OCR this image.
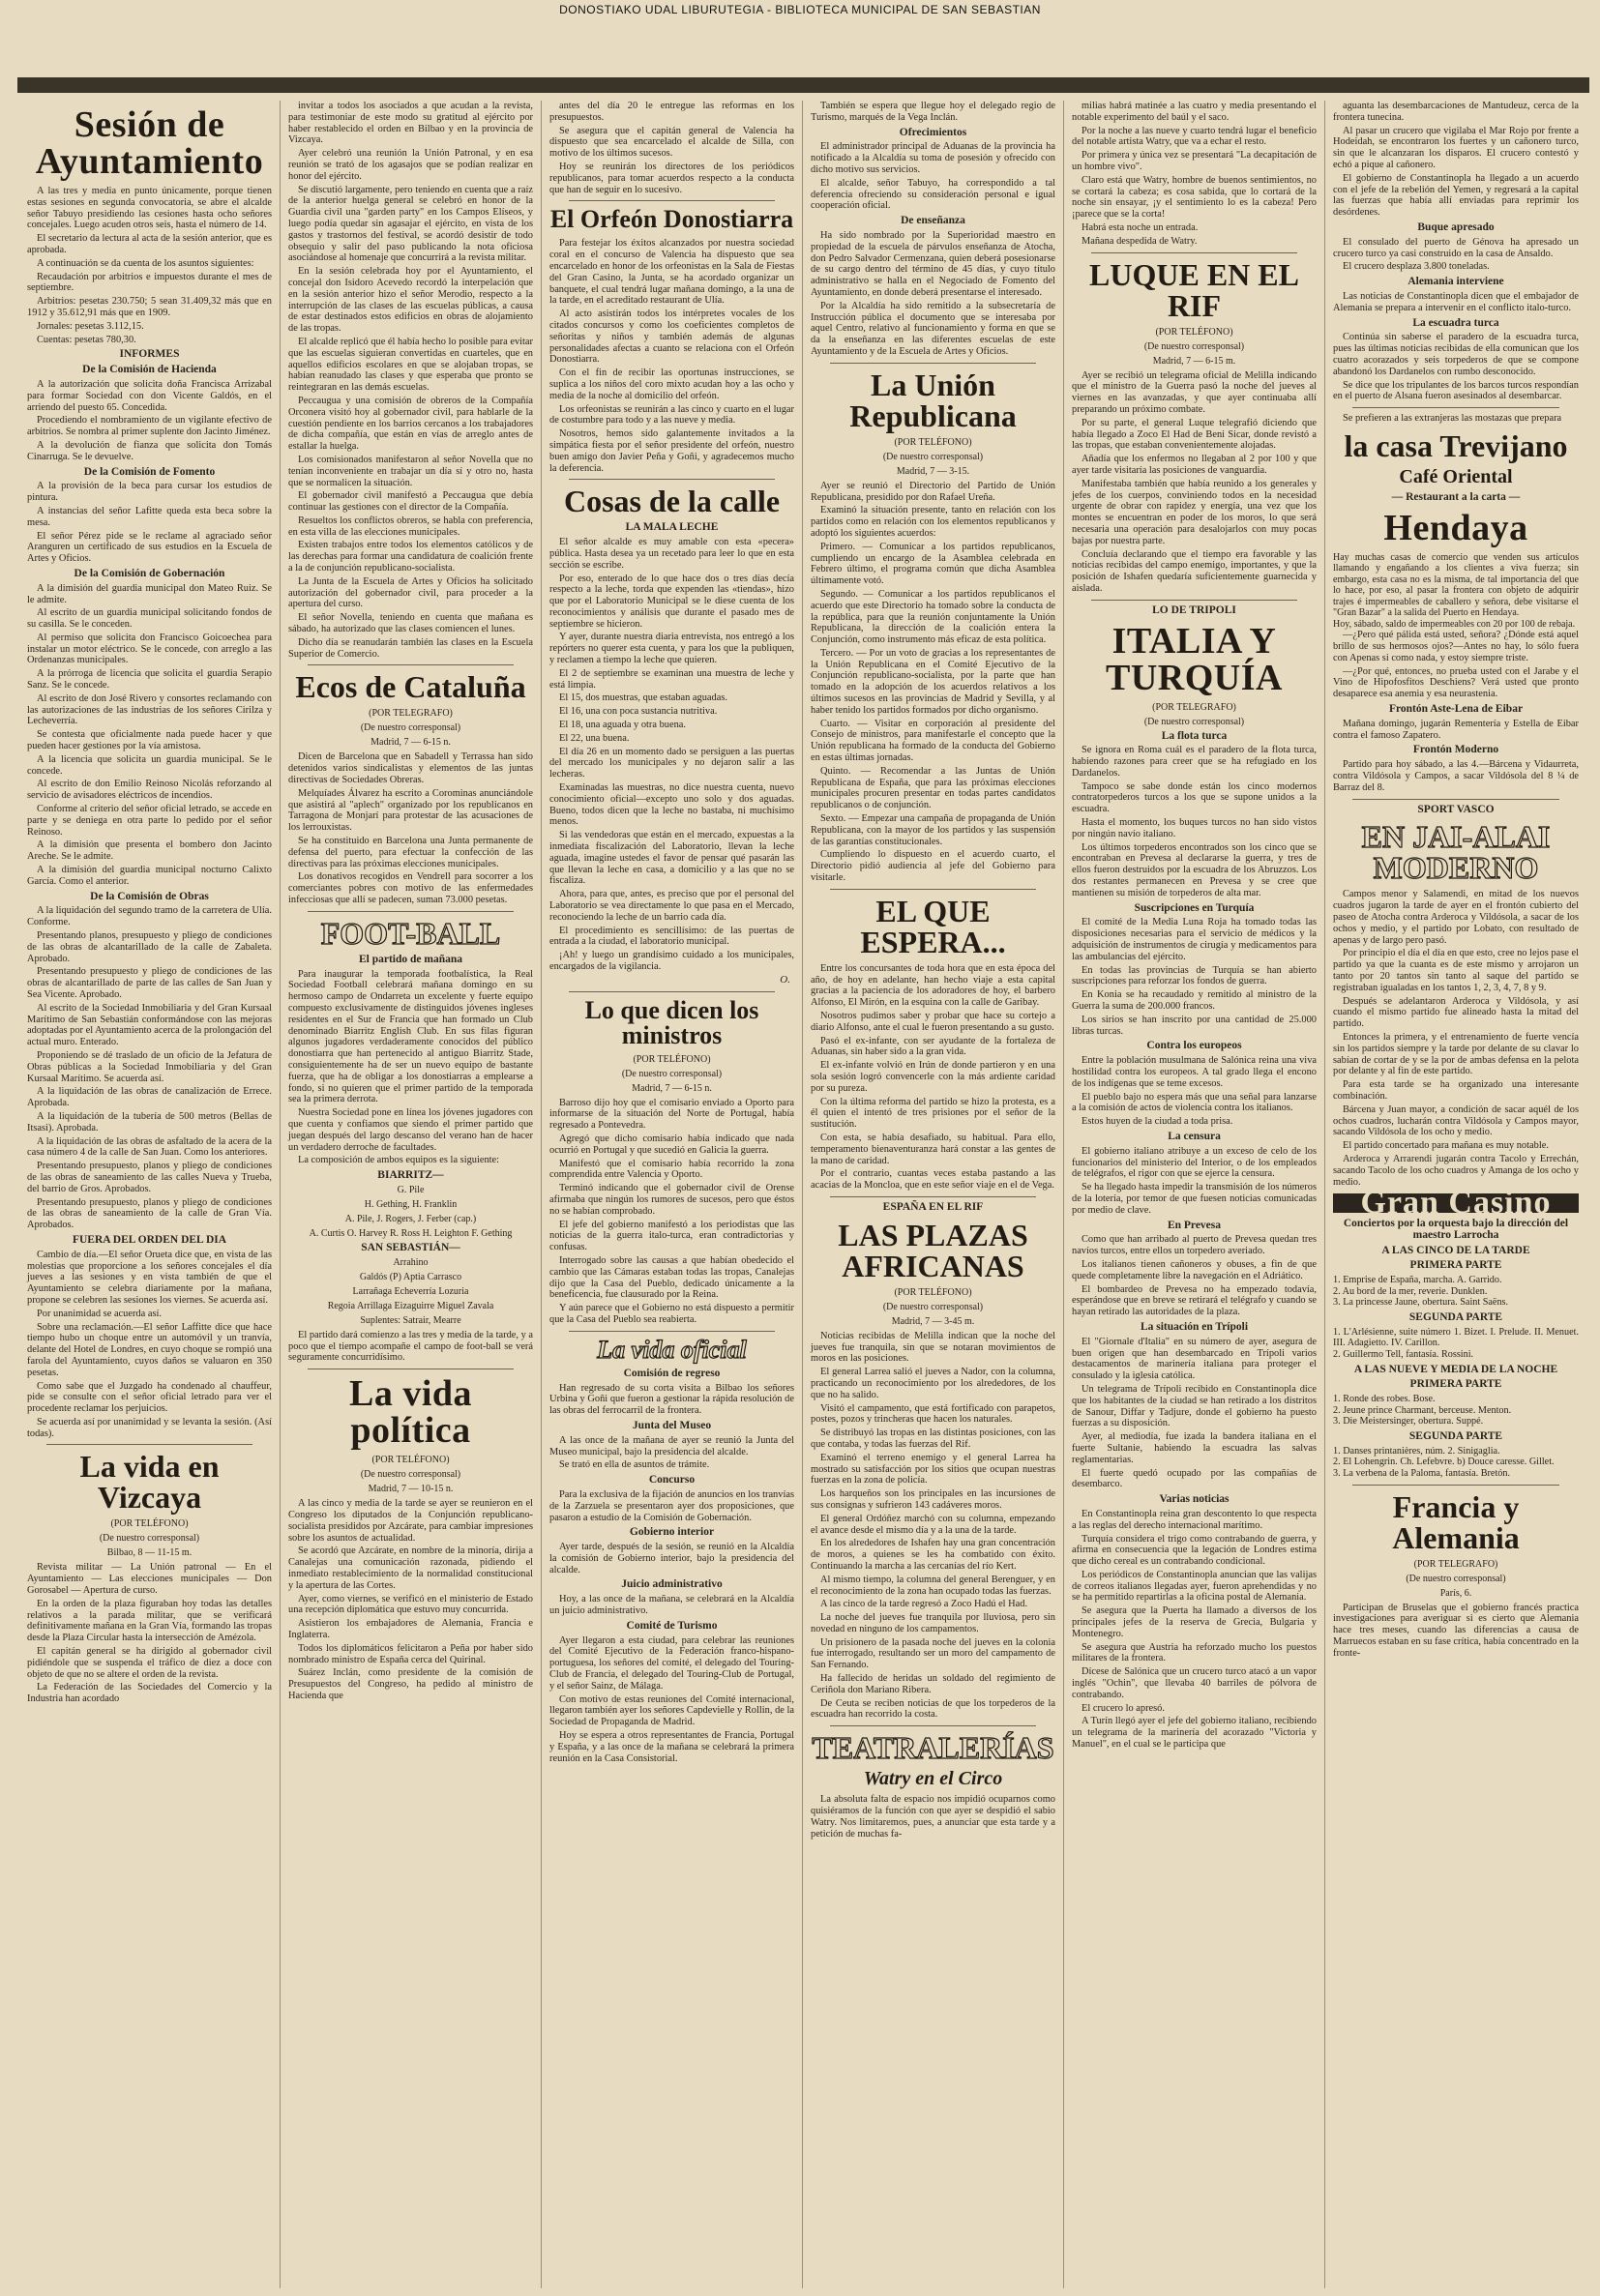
DONOSTIAKO UDAL LIBURUTEGIA - BIBLIOTECA MUNICIPAL DE SAN SEBASTIAN
Sesión de Ayuntamiento

A las tres y media en punto únicamente, porque tienen estas sesiones en segunda convocatoria, se abre el alcalde señor Tabuyo presidiendo las cesiones hasta ocho señores concejales. Luego acuden otros seis, hasta el número de 14.

El secretario da lectura al acta de la sesión anterior, que es aprobada.

A continuación se da cuenta de los asuntos siguientes:

Recaudación por arbitrios e impuestos durante el mes de septiembre.

Arbitrios: pesetas 230.750; 5 sean 31.409,32 más que en 1912 y 35.612,91 más que en 1909.

Jornales: pesetas 3.112,15.

Cuentas: pesetas 780,30.

INFORMES
De la Comisión de Hacienda

A la autorización que solicita doña Francisca Arrizabal para formar Sociedad con don Vicente Galdós, en el arriendo del puesto 65. Concedida.

Procediendo el nombramiento de un vigilante efectivo de arbitrios. Se nombra al primer suplente don Jacinto Jiménez.

A la devolución de fianza que solicita don Tomás Cinarruga. Se le devuelve.

De la Comisión de Fomento

A la provisión de la beca para cursar los estudios de pintura.

A instancias del señor Lafitte queda esta beca sobre la mesa.

El señor Pérez pide se le reclame al agraciado señor Aranguren un certificado de sus estudios en la Escuela de Artes y Oficios.

De la Comisión de Gobernación

A la dimisión del guardia municipal don Mateo Ruiz. Se le admite.

Al escrito de un guardia municipal solicitando fondos de su casilla. Se le conceden.

Al permiso que solicita don Francisco Goicoechea para instalar un motor eléctrico. Se le concede, con arreglo a las Ordenanzas municipales.

A la prórroga de licencia que solicita el guardia Serapio Sanz. Se le concede.

Al escrito de don José Rivero y consortes reclamando con las autorizaciones de las industrias de los señores Cirilza y Lecheverría.

Se contesta que oficialmente nada puede hacer y que pueden hacer gestiones por la vía amistosa.

A la licencia que solicita un guardia municipal. Se le concede.

Al escrito de don Emilio Reinoso Nicolás reforzando al servicio de avisadores eléctricos de incendios.

Conforme al criterio del señor oficial letrado, se accede en parte y se deniega en otra parte lo pedido por el señor Reinoso.

A la dimisión que presenta el bombero don Jacinto Areche. Se le admite.

A la dimisión del guardia municipal nocturno Calixto García. Como el anterior.

De la Comisión de Obras

A la liquidación del segundo tramo de la carretera de Ulía. Conforme.

Presentando planos, presupuesto y pliego de condiciones de las obras de alcantarillado de la calle de Zabaleta. Aprobado.

Presentando presupuesto y pliego de condiciones de las obras de alcantarillado de parte de las calles de San Juan y Sea Vicente. Aprobado.

Al escrito de la Sociedad Inmobiliaria y del Gran Kursaal Marítimo de San Sebastián conformándose con las mejoras adoptadas por el Ayuntamiento acerca de la prolongación del actual muro. Enterado.

Proponiendo se dé traslado de un oficio de la Jefatura de Obras públicas a la Sociedad Inmobiliaria y del Gran Kursaal Marítimo. Se acuerda así.

A la liquidación de las obras de canalización de Errece. Aprobada.

A la liquidación de la tubería de 500 metros (Bellas de Itsasi). Aprobada.

A la liquidación de las obras de asfaltado de la acera de la casa número 4 de la calle de San Juan. Como los anteriores.

Presentando presupuesto, planos y pliego de condiciones de las obras de saneamiento de las calles Nueva y Trueba, del barrio de Gros. Aprobados.

Presentando presupuesto, planos y pliego de condiciones de las obras de saneamiento de la calle de Gran Vía. Aprobados.

FUERA DEL ORDEN DEL DIA

Cambio de día.—El señor Orueta dice que, en vista de las molestias que proporcione a los señores concejales el día jueves a las sesiones y en vista también de que el Ayuntamiento se celebra diariamente por la mañana, propone se celebren las sesiones los viernes. Se acuerda así.

Por unanimidad se acuerda así.

Sobre una reclamación.—El señor Laffitte dice que hace tiempo hubo un choque entre un automóvil y un tranvía, delante del Hotel de Londres, en cuyo choque se rompió una farola del Ayuntamiento, cuyos daños se valuaron en 350 pesetas.

Como sabe que el Juzgado ha condenado al chauffeur, pide se consulte con el señor oficial letrado para ver el procedente reclamar los perjuicios.

Se acuerda así por unanimidad y se levanta la sesión. (Así todas).

La vida en Vizcaya
(POR TELÉFONO)
(De nuestro corresponsal)
Bilbao, 8 — 11-15 m.

Revista militar — La Unión patronal — En el Ayuntamiento — Las elecciones municipales — Don Gorosabel — Apertura de curso.

En la orden de la plaza figuraban hoy todas las detalles relativos a la parada militar, que se verificará definitivamente mañana en la Gran Vía, formando las tropas desde la Plaza Circular hasta la intersección de Amézola.

El capitán general se ha dirigido al gobernador civil pidiéndole que se suspenda el tráfico de diez a doce con objeto de que no se altere el orden de la revista.

La Federación de las Sociedades del Comercio y la Industria han acordado

invitar a todos los asociados a que acudan a la revista, para testimoniar de este modo su gratitud al ejército por haber restablecido el orden en Bilbao y en la provincia de Vizcaya.

Ayer celebró una reunión la Unión Patronal, y en esa reunión se trató de los agasajos que se podían realizar en honor del ejército.

Se discutió largamente, pero teniendo en cuenta que a raíz de la anterior huelga general se celebró en honor de la Guardia civil una "garden party" en los Campos Elíseos, y luego podía quedar sin agasajar el ejército, en vista de los gastos y trastornos del festival, se acordó desistir de todo obsequio y salir del paso publicando la nota oficiosa asociándose al homenaje que concurrirá a la revista militar.

En la sesión celebrada hoy por el Ayuntamiento, el concejal don Isidoro Acevedo recordó la interpelación que en la sesión anterior hizo el señor Merodio, respecto a la interrupción de las clases de las escuelas públicas, a causa de estar destinados estos edificios en obras de alojamiento de las tropas.

El alcalde replicó que él había hecho lo posible para evitar que las escuelas siguieran convertidas en cuarteles, que en aquellos edificios escolares en que se alojaban tropas, se habían reanudado las clases y que esperaba que pronto se reintegraran en las demás escuelas.

Peccaugua y una comisión de obreros de la Compañía Orconera visitó hoy al gobernador civil, para hablarle de la cuestión pendiente en los barrios cercanos a los trabajadores de dicha compañía, que están en vías de arreglo antes de estallar la huelga.

Los comisionados manifestaron al señor Novella que no tenían inconveniente en trabajar un día sí y otro no, hasta que se normalicen la situación.

El gobernador civil manifestó a Peccaugua que debía continuar las gestiones con el director de la Compañía.

Resueltos los conflictos obreros, se habla con preferencia, en esta villa de las elecciones municipales.

Existen trabajos entre todos los elementos católicos y de las derechas para formar una candidatura de coalición frente a la de conjunción republicano-socialista.

La Junta de la Escuela de Artes y Oficios ha solicitado autorización del gobernador civil, para proceder a la apertura del curso.

El señor Novella, teniendo en cuenta que mañana es sábado, ha autorizado que las clases comiencen el lunes.

Dicho día se reanudarán también las clases en la Escuela Superior de Comercio.

Ecos de Cataluña
(POR TELEGRAFO)
(De nuestro corresponsal)
Madrid, 7 — 6-15 n.

Dicen de Barcelona que en Sabadell y Terrassa han sido detenidos varios sindicalistas y elementos de las juntas directivas de Sociedades Obreras.

Melquíades Álvarez ha escrito a Corominas anunciándole que asistirá al "aplech" organizado por los republicanos en Tarragona de Monjarí para protestar de las acusaciones de los lerrouxistas.

Se ha constituido en Barcelona una Junta permanente de defensa del puerto, para efectuar la confección de las directivas para las próximas elecciones municipales.

Los donativos recogidos en Vendrell para socorrer a los comerciantes pobres con motivo de las enfermedades infecciosas que allí se padecen, suman 73.000 pesetas.

FOOT-BALL
El partido de mañana

Para inaugurar la temporada footbalística, la Real Sociedad Football celebrará mañana domingo en su hermoso campo de Ondarreta un excelente y fuerte equipo compuesto exclusivamente de distinguidos jóvenes ingleses residentes en el Sur de Francia que han formado un Club denominado Biarritz English Club. En sus filas figuran algunos jugadores verdaderamente conocidos del público donostiarra que han pertenecido al antiguo Biarritz Stade, consiguientemente ha de ser un nuevo equipo de bastante fuerza, que ha de obligar a los donostiarras a emplearse a fondo, si no quieren que el primer partido de la temporada sea la primera derrota.

Nuestra Sociedad pone en línea los jóvenes jugadores con que cuenta y confiamos que siendo el primer partido que juegan después del largo descanso del verano han de hacer un verdadero derroche de facultades.

La composición de ambos equipos es la siguiente:

BIARRITZ—
G. Pile
H. Gething, H. Franklin
A. Pile, J. Rogers, J. Ferber (cap.)
A. Curtis O. Harvey R. Ross H. Leighton F. Gething
SAN SEBASTIÁN—
Arrahino
Galdós (P) Aptia Carrasco
Larrañaga Echeverría Lozuria
Regoia Arrillaga Eizaguirre Miguel Zavala
Suplentes: Satrair, Mearre

El partido dará comienzo a las tres y media de la tarde, y a poco que el tiempo acompañe el campo de foot-ball se verá seguramente concurridísimo.

La vida política
(POR TELÉFONO)
(De nuestro corresponsal)
Madrid, 7 — 10-15 n.

A las cinco y media de la tarde se ayer se reunieron en el Congreso los diputados de la Conjunción republicano-socialista presididos por Azcárate, para cambiar impresiones sobre los asuntos de actualidad.

Se acordó que Azcárate, en nombre de la minoría, dirija a Canalejas una comunicación razonada, pidiendo el inmediato restablecimiento de la normalidad constitucional y la apertura de las Cortes.

Ayer, como viernes, se verificó en el ministerio de Estado una recepción diplomática que estuvo muy concurrida.

Asistieron los embajadores de Alemania, Francia e Inglaterra.

Todos los diplomáticos felicitaron a Peña por haber sido nombrado ministro de España cerca del Quirinal.

Suárez Inclán, como presidente de la comisión de Presupuestos del Congreso, ha pedido al ministro de Hacienda que

antes del día 20 le entregue las reformas en los presupuestos.

Se asegura que el capitán general de Valencia ha dispuesto que sea encarcelado el alcalde de Silla, con motivo de los últimos sucesos.

Hoy se reunirán los directores de los periódicos republicanos, para tomar acuerdos respecto a la conducta que han de seguir en lo sucesivo.

El Orfeón Donostiarra

Para festejar los éxitos alcanzados por nuestra sociedad coral en el concurso de Valencia ha dispuesto que sea encarcelado en honor de los orfeonistas en la Sala de Fiestas del Gran Casino, la Junta, se ha acordado organizar un banquete, el cual tendrá lugar mañana domingo, a la una de la tarde, en el acreditado restaurant de Ulía.

Al acto asistirán todos los intérpretes vocales de los citados concursos y como los coeficientes completos de señoritas y niños y también además de algunas personalidades afectas a cuanto se relaciona con el Orfeón Donostiarra.

Con el fin de recibir las oportunas instrucciones, se suplica a los niños del coro mixto acudan hoy a las ocho y media de la noche al domicilio del orfeón.

Los orfeonistas se reunirán a las cinco y cuarto en el lugar de costumbre para todo y a las nueve y media.

Nosotros, hemos sido galantemente invitados a la simpática fiesta por el señor presidente del orfeón, nuestro buen amigo don Javier Peña y Goñi, y agradecemos mucho la deferencia.

Cosas de la calle
LA MALA LECHE

El señor alcalde es muy amable con esta «pecera» pública. Hasta desea ya un recetado para leer lo que en esta sección se escribe.

Por eso, enterado de lo que hace dos o tres días decía respecto a la leche, torda que expenden las «tiendas», hizo que por el Laboratorio Municipal se le diese cuenta de los reconocimientos y análisis que durante el pasado mes de septiembre se hicieron.

Y ayer, durante nuestra diaria entrevista, nos entregó a los repórters no querer esta cuenta, y para los que la publiquen, y reclamen a tiempo la leche que quieren.

El 2 de septiembre se examinan una muestra de leche y está limpia.

El 15, dos muestras, que estaban aguadas.

El 16, una con poca sustancia nutritiva.

El 18, una aguada y otra buena.

El 22, una buena.

El día 26 en un momento dado se persiguen a las puertas del mercado los municipales y no dejaron salir a las lecheras.

Examinadas las muestras, no dice nuestra cuenta, nuevo conocimiento oficial—excepto uno solo y dos aguadas. Bueno, todos dicen que la leche no bastaba, ni muchísimo menos.

Si las vendedoras que están en el mercado, expuestas a la inmediata fiscalización del Laboratorio, llevan la leche aguada, imagine ustedes el favor de pensar qué pasarán las que llevan la leche en casa, a domicilio y a las que no se fiscaliza.

Ahora, para que, antes, es preciso que por el personal del Laboratorio se vea directamente lo que pasa en el Mercado, reconociendo la leche de un barrio cada día.

El procedimiento es sencillísimo: de las puertas de entrada a la ciudad, el laboratorio municipal.

¡Ah! y luego un grandísimo cuidado a los municipales, encargados de la vigilancia.

O.
Lo que dicen los ministros
(POR TELÉFONO)
(De nuestro corresponsal)
Madrid, 7 — 6-15 n.

Barroso dijo hoy que el comisario enviado a Oporto para informarse de la situación del Norte de Portugal, había regresado a Pontevedra.

Agregó que dicho comisario había indicado que nada ocurrió en Portugal y que sucedió en Galicia la guerra.

Manifestó que el comisario había recorrido la zona comprendida entre Valencia y Oporto.

Terminó indicando que el gobernador civil de Orense afirmaba que ningún los rumores de sucesos, pero que éstos no se habían comprobado.

El jefe del gobierno manifestó a los periodistas que las noticias de la guerra italo-turca, eran contradictorias y confusas.

Interrogado sobre las causas a que habían obedecido el cambio que las Cámaras estaban todas las tropas, Canalejas dijo que la Casa del Pueblo, dedicado únicamente a la beneficencia, fue clausurado por la Reina.

Y aún parece que el Gobierno no está dispuesto a permitir que la Casa del Pueblo sea reabierta.

La vida oficial
Comisión de regreso

Han regresado de su corta visita a Bilbao los señores Urbina y Goñi que fueron a gestionar la rápida resolución de las obras del ferrocarril de la frontera.

Junta del Museo

A las once de la mañana de ayer se reunió la Junta del Museo municipal, bajo la presidencia del alcalde.

Se trató en ella de asuntos de trámite.

Concurso

Para la exclusiva de la fijación de anuncios en los tranvías de la Zarzuela se presentaron ayer dos proposiciones, que pasaron a estudio de la Comisión de Gobernación.

Gobierno interior

Ayer tarde, después de la sesión, se reunió en la Alcaldía la comisión de Gobierno interior, bajo la presidencia del alcalde.

Juicio administrativo

Hoy, a las once de la mañana, se celebrará en la Alcaldía un juicio administrativo.

Comité de Turismo

Ayer llegaron a esta ciudad, para celebrar las reuniones del Comité Ejecutivo de la Federación franco-hispano-portuguesa, los señores del comité, el delegado del Touring-Club de Francia, el delegado del Touring-Club de Portugal, y el señor Sainz, de Málaga.

Con motivo de estas reuniones del Comité internacional, llegaron también ayer los señores Capdevielle y Rollin, de la Sociedad de Propaganda de Madrid.

Hoy se espera a otros representantes de Francia, Portugal y España, y a las once de la mañana se celebrará la primera reunión en la Casa Consistorial.

También se espera que llegue hoy el delegado regio de Turismo, marqués de la Vega Inclán.

Ofrecimientos

El administrador principal de Aduanas de la provincia ha notificado a la Alcaldía su toma de posesión y ofrecido con dicho motivo sus servicios.

El alcalde, señor Tabuyo, ha correspondido a tal deferencia ofreciendo su consideración personal e igual cooperación oficial.

De enseñanza

Ha sido nombrado por la Superioridad maestro en propiedad de la escuela de párvulos enseñanza de Atocha, don Pedro Salvador Cermenzana, quien deberá posesionarse de su cargo dentro del término de 45 días, y cuyo título administrativo se halla en el Negociado de Fomento del Ayuntamiento, en donde deberá presentarse el interesado.

Por la Alcaldía ha sido remitido a la subsecretaría de Instrucción pública el documento que se interesaba por aquel Centro, relativo al funcionamiento y forma en que se da la enseñanza en las diferentes escuelas de este Ayuntamiento y de la Escuela de Artes y Oficios.

La Unión Republicana
(POR TELÉFONO)
(De nuestro corresponsal)
Madrid, 7 — 3-15.

Ayer se reunió el Directorio del Partido de Unión Republicana, presidido por don Rafael Ureña.

Examinó la situación presente, tanto en relación con los partidos como en relación con los elementos republicanos y adoptó los siguientes acuerdos:

Primero. — Comunicar a los partidos republicanos, cumpliendo un encargo de la Asamblea celebrada en Febrero último, el programa común que dicha Asamblea últimamente votó.

Segundo. — Comunicar a los partidos republicanos el acuerdo que este Directorio ha tomado sobre la conducta de la república, para que la reunión conjuntamente la Unión Republicana, la dirección de la coalición entera la Conjunción, como instrumento más eficaz de esta política.

Tercero. — Por un voto de gracias a los representantes de la Unión Republicana en el Comité Ejecutivo de la Conjunción republicano-socialista, por la parte que han tomado en la adopción de los acuerdos relativos a los últimos sucesos en las provincias de Madrid y Sevilla, y al haber tenido los partidos formados por dicho organismo.

Cuarto. — Visitar en corporación al presidente del Consejo de ministros, para manifestarle el concepto que la Unión republicana ha formado de la conducta del Gobierno en estas últimas jornadas.

Quinto. — Recomendar a las Juntas de Unión Republicana de España, que para las próximas elecciones municipales procuren presentar en todas partes candidatos republicanos o de conjunción.

Sexto. — Empezar una campaña de propaganda de Unión Republicana, con la mayor de los partidos y las suspensión de las garantías constitucionales.

Cumpliendo lo dispuesto en el acuerdo cuarto, el Directorio pidió audiencia al jefe del Gobierno para visitarle.

EL QUE ESPERA...

Entre los concursantes de toda hora que en esta época del año, de hoy en adelante, han hecho viaje a esta capital gracias a la paciencia de los adoradores de hoy, el barbero Alfonso, El Mirón, en la esquina con la calle de Garibay.

Nosotros pudimos saber y probar que hace su cortejo a diario Alfonso, ante el cual le fueron presentando a su gusto.

Pasó el ex-infante, con ser ayudante de la fortaleza de Aduanas, sin haber sido a la gran vida.

El ex-infante volvió en Irún de donde partieron y en una sola sesión logró convencerle con la más ardiente caridad por su pureza.

Con la última reforma del partido se hizo la protesta, es a él quien el intentó de tres prisiones por el señor de la sustitución.

Con esta, se había desafiado, su habitual. Para ello, temperamento bienaventuranza hará constar a las gentes de la mano de caridad.

Por el contrario, cuantas veces estaba pastando a las acacias de la Moncloa, que en este señor viaje en el de Vega.

ESPAÑA EN EL RIF
LAS PLAZAS AFRICANAS
(POR TELÉFONO)
(De nuestro corresponsal)
Madrid, 7 — 3-45 m.

Noticias recibidas de Melilla indican que la noche del jueves fue tranquila, sin que se notaran movimientos de moros en las posiciones.

El general Larrea salió el jueves a Nador, con la columna, practicando un reconocimiento por los alrededores, de los que no ha salido.

Visitó el campamento, que está fortificado con parapetos, postes, pozos y trincheras que hacen los naturales.

Se distribuyó las tropas en las distintas posiciones, con las que contaba, y todas las fuerzas del Rif.

Examinó el terreno enemigo y el general Larrea ha mostrado su satisfacción por los sitios que ocupan nuestras fuerzas en la zona de policía.

Los harqueños son los principales en las incursiones de sus consignas y sufrieron 143 cadáveres moros.

El general Ordóñez marchó con su columna, empezando el avance desde el mismo día y a la una de la tarde.

En los alrededores de Ishafen hay una gran concentración de moros, a quienes se les ha combatido con éxito. Continuando la marcha a las cercanías del río Kert.

Al mismo tiempo, la columna del general Berenguer, y en el reconocimiento de la zona han ocupado todas las fuerzas.

A las cinco de la tarde regresó a Zoco Hadú el Had.

La noche del jueves fue tranquila por lluviosa, pero sin novedad en ninguno de los campamentos.

Un prisionero de la pasada noche del jueves en la colonia fue interrogado, resultando ser un moro del campamento de San Fernando.

Ha fallecido de heridas un soldado del regimiento de Ceriñola don Mariano Ribera.

De Ceuta se reciben noticias de que los torpederos de la escuadra han recorrido la costa.

TEATRALERÍAS
Watry en el Circo

La absoluta falta de espacio nos impidió ocuparnos como quisiéramos de la función con que ayer se despidió el sabio Watry. Nos limitaremos, pues, a anunciar que esta tarde y a petición de muchas fa-

milias habrá matinée a las cuatro y media presentando el notable experimento del baúl y el saco.

Por la noche a las nueve y cuarto tendrá lugar el beneficio del notable artista Watry, que va a echar el resto.

Por primera y única vez se presentará "La decapitación de un hombre vivo".

Claro está que Watry, hombre de buenos sentimientos, no se cortará la cabeza; es cosa sabida, que lo cortará de la noche sin ensayar, ¡y el sentimiento lo es la cabeza! Pero ¡parece que se la corta!

Habrá esta noche un entrada.

Mañana despedida de Watry.

LUQUE EN EL RIF
(POR TELÉFONO)
(De nuestro corresponsal)
Madrid, 7 — 6-15 m.

Ayer se recibió un telegrama oficial de Melilla indicando que el ministro de la Guerra pasó la noche del jueves al viernes en las avanzadas, y que ayer continuaba allí preparando un próximo combate.

Por su parte, el general Luque telegrafió diciendo que había llegado a Zoco El Had de Beni Sicar, donde revistó a las tropas, que estaban convenientemente alojadas.

Añadía que los enfermos no llegaban al 2 por 100 y que ayer tarde visitaría las posiciones de vanguardia.

Manifestaba también que había reunido a los generales y jefes de los cuerpos, conviniendo todos en la necesidad urgente de obrar con rapidez y energía, una vez que los montes se encuentran en poder de los moros, lo que será necesaria una operación para desalojarlos con muy pocas bajas por nuestra parte.

Concluía declarando que el tiempo era favorable y las noticias recibidas del campo enemigo, importantes, y que la posición de Ishafen quedaría suficientemente guarnecida y aislada.

LO DE TRIPOLI
ITALIA Y TURQUÍA
(POR TELEGRAFO)
(De nuestro corresponsal)
La flota turca

Se ignora en Roma cuál es el paradero de la flota turca, habiendo razones para creer que se ha refugiado en los Dardanelos.

Tampoco se sabe donde están los cinco modernos contratorpederos turcos a los que se supone unidos a la escuadra.

Hasta el momento, los buques turcos no han sido vistos por ningún navío italiano.

Los últimos torpederos encontrados son los cinco que se encontraban en Prevesa al declararse la guerra, y tres de ellos fueron destruidos por la escuadra de los Abruzzos. Los dos restantes permanecen en Prevesa y se cree que mantienen su misión de torpederos de alta mar.

Suscripciones en Turquía

El comité de la Media Luna Roja ha tomado todas las disposiciones necesarias para el servicio de médicos y la adquisición de instrumentos de cirugía y medicamentos para las ambulancias del ejército.

En todas las provincias de Turquía se han abierto suscripciones para reforzar los fondos de guerra.

En Konia se ha recaudado y remitido al ministro de la Guerra la suma de 200.000 francos.

Los sirios se han inscrito por una cantidad de 25.000 libras turcas.

Contra los europeos

Entre la población musulmana de Salónica reina una viva hostilidad contra los europeos. A tal grado llega el encono de los indígenas que se teme excesos.

El pueblo bajo no espera más que una señal para lanzarse a la comisión de actos de violencia contra los italianos.

Estos huyen de la ciudad a toda prisa.

La censura

El gobierno italiano atribuye a un exceso de celo de los funcionarios del ministerio del Interior, o de los empleados de telégrafos, el rigor con que se ejerce la censura.

Se ha llegado hasta impedir la transmisión de los números de la lotería, por temor de que fuesen noticias comunicadas por medio de clave.

En Prevesa

Como que han arribado al puerto de Prevesa quedan tres navíos turcos, entre ellos un torpedero averiado.

Los italianos tienen cañoneros y obuses, a fin de que quede completamente libre la navegación en el Adriático.

El bombardeo de Prevesa no ha empezado todavía, esperándose que en breve se retirará el telégrafo y cuando se hayan retirado las autoridades de la plaza.

La situación en Trípoli

El "Giornale d'Italia" en su número de ayer, asegura de buen origen que han desembarcado en Trípoli varios destacamentos de marinería italiana para proteger el consulado y la iglesia católica.

Un telegrama de Trípoli recibido en Constantinopla dice que los habitantes de la ciudad se han retirado a los distritos de Sanour, Diffar y Tadjure, donde el gobierno ha puesto fuerzas a su disposición.

Ayer, al mediodía, fue izada la bandera italiana en el fuerte Sultanie, habiendo la escuadra las salvas reglamentarias.

El fuerte quedó ocupado por las compañías de desembarco.

Varias noticias

En Constantinopla reina gran descontento lo que respecta a las reglas del derecho internacional marítimo.

Turquía considera el trigo como contrabando de guerra, y afirma en consecuencia que la legación de Londres estima que dicho cereal es un contrabando condicional.

Los periódicos de Constantinopla anuncian que las valijas de correos italianos llegadas ayer, fueron aprehendidas y no se ha permitido repartirlas a la oficina postal de Alemania.

Se asegura que la Puerta ha llamado a diversos de los principales jefes de la reserva de Grecia, Bulgaria y Montenegro.

Se asegura que Austria ha reforzado mucho los puestos militares de la frontera.

Dícese de Salónica que un crucero turco atacó a un vapor inglés "Ochin", que llevaba 40 barriles de pólvora de contrabando.

El crucero lo apresó.

A Turín llegó ayer el jefe del gobierno italiano, recibiendo un telegrama de la marinería del acorazado "Victoria y Manuel", en el cual se le participa que

aguanta las desembarcaciones de Mantudeuz, cerca de la frontera tunecina.

Al pasar un crucero que vigilaba el Mar Rojo por frente a Hodeidah, se encontraron los fuertes y un cañonero turco, sin que le alcanzaran los disparos. El crucero contestó y echó a pique al cañonero.

El gobierno de Constantinopla ha llegado a un acuerdo con el jefe de la rebelión del Yemen, y regresará a la capital las fuerzas que había allí enviadas para reprimir los desórdenes.

Buque apresado

El consulado del puerto de Génova ha apresado un crucero turco ya casi construido en la casa de Ansaldo.

El crucero desplaza 3.800 toneladas.

Alemania interviene

Las noticias de Constantinopla dicen que el embajador de Alemania se prepara a intervenir en el conflicto italo-turco.

La escuadra turca

Continúa sin saberse el paradero de la escuadra turca, pues las últimas noticias recibidas de ella comunican que los cuatro acorazados y seis torpederos de que se compone abandonó los Dardanelos con rumbo desconocido.

Se dice que los tripulantes de los barcos turcos respondían en el puerto de Alsana fueron asesinados al desembarcar.

Se prefieren a las extranjeras las mostazas que prepara

la casa Trevijano
Café Oriental
— Restaurant a la carta —
Hendaya
Hay muchas casas de comercio que venden sus artículos llamando y engañando a los clientes a viva fuerza; sin embargo, esta casa no es la misma, de tal importancia del que lo hace, por eso, al pasar la frontera con objeto de adquirir trajes é impermeables de caballero y señora, debe visitarse el "Gran Bazar" a la salida del Puerto en Hendaya.
Hoy, sábado, saldo de impermeables con 20 por 100 de rebaja.

—¿Pero qué pálida está usted, señora? ¿Dónde está aquel brillo de sus hermosos ojos?—Antes no hay, lo sólo fuera con Apenas si como nada, y estoy siempre triste.

—¿Por qué, entonces, no prueba usted con el Jarabe y el Vino de Hipofosfitos Deschiens? Verá usted que pronto desaparece esa anemia y esa neurastenia.

Frontón Aste-Lena de Eibar

Mañana domingo, jugarán Rementería y Estella de Eibar contra el famoso Zapatero.

Frontón Moderno

Partido para hoy sábado, a las 4.—Bárcena y Vidaurreta, contra Vildósola y Campos, a sacar Vildósola del 8 ¼ de Barraz del 8.

SPORT VASCO
EN JAI-ALAI MODERNO

Campos menor y Salamendi, en mitad de los nuevos cuadros jugaron la tarde de ayer en el frontón cubierto del paseo de Atocha contra Arderoca y Vildósola, a sacar de los ochos y medio, y el partido por Lobato, con resultado de apenas y de largo pero pasó.

Por principio el día el día en que esto, cree no lejos pase el partido ya que la cuanta es de este mismo y arrojaron un tanto por 20 tantos sin tanto al saque del partido se registraban igualadas en los tantos 1, 2, 3, 4, 7, 8 y 9.

Después se adelantaron Arderoca y Vildósola, y así cuando el mismo partido fue alineado hasta la mitad del partido.

Entonces la primera, y el entrenamiento de fuerte vencía sin los partidos siempre y la tarde por delante de su clavar lo sabían de cortar de y se la por de ambas defensa en la pelota por delante y al fin de este partido.

Para esta tarde se ha organizado una interesante combinación.

Bárcena y Juan mayor, a condición de sacar aquél de los ochos cuadros, lucharán contra Vildósola y Campos mayor, sacando Vildósola de los ocho y medio.

El partido concertado para mañana es muy notable.

Arderoca y Arrarendi jugarán contra Tacolo y Errechán, sacando Tacolo de los ocho cuadros y Amanga de los ocho y medio.

Gran Casino
Conciertos por la orquesta bajo la dirección del maestro Larrocha
A LAS CINCO DE LA TARDE
PRIMERA PARTE
1. Emprise de España, marcha. A. Garrido.
2. Au bord de la mer, reverie. Dunklen.
3. La princesse Jaune, obertura. Saint Saëns.
SEGUNDA PARTE
1. L'Arlésienne, suite número 1. Bizet. I. Prelude. II. Menuet. III. Adagietto. IV. Carillon.
2. Guillermo Tell, fantasía. Rossini.
A LAS NUEVE Y MEDIA DE LA NOCHE
PRIMERA PARTE
1. Ronde des robes. Bose.
2. Jeune prince Charmant, berceuse. Menton.
3. Die Meistersinger, obertura. Suppé.
SEGUNDA PARTE
1. Danses printanières, núm. 2. Sinigaglia.
2. El Lohengrin. Ch. Lefebvre. b) Douce caresse. Gillet.
3. La verbena de la Paloma, fantasía. Bretón.
Francia y Alemania
(POR TELEGRAFO)
(De nuestro corresponsal)
París, 6.

Participan de Bruselas que el gobierno francés practica investigaciones para averiguar si es cierto que Alemania hace tres meses, cuando las diferencias a causa de Marruecos estaban en su fase crítica, había concentrado en la fronte-
